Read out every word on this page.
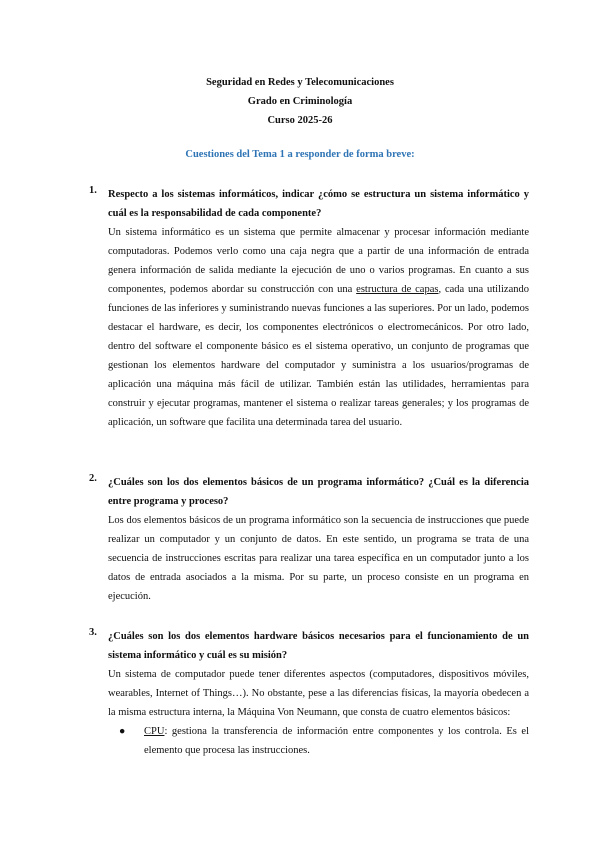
Seguridad en Redes y Telecomunicaciones
Grado en Criminología
Curso 2025-26
Cuestiones del Tema 1 a responder de forma breve:
1. Respecto a los sistemas informáticos, indicar ¿cómo se estructura un sistema informático y cuál es la responsabilidad de cada componente?
Un sistema informático es un sistema que permite almacenar y procesar información mediante computadoras. Podemos verlo como una caja negra que a partir de una información de entrada genera información de salida mediante la ejecución de uno o varios programas. En cuanto a sus componentes, podemos abordar su construcción con una estructura de capas, cada una utilizando funciones de las inferiores y suministrando nuevas funciones a las superiores. Por un lado, podemos destacar el hardware, es decir, los componentes electrónicos o electromecánicos. Por otro lado, dentro del software el componente básico es el sistema operativo, un conjunto de programas que gestionan los elementos hardware del computador y suministra a los usuarios/programas de aplicación una máquina más fácil de utilizar. También están las utilidades, herramientas para construir y ejecutar programas, mantener el sistema o realizar tareas generales; y los programas de aplicación, un software que facilita una determinada tarea del usuario.
2. ¿Cuáles son los dos elementos básicos de un programa informático? ¿Cuál es la diferencia entre programa y proceso?
Los dos elementos básicos de un programa informático son la secuencia de instrucciones que puede realizar un computador y un conjunto de datos. En este sentido, un programa se trata de una secuencia de instrucciones escritas para realizar una tarea específica en un computador junto a los datos de entrada asociados a la misma. Por su parte, un proceso consiste en un programa en ejecución.
3. ¿Cuáles son los dos elementos hardware básicos necesarios para el funcionamiento de un sistema informático y cuál es su misión?
Un sistema de computador puede tener diferentes aspectos (computadores, dispositivos móviles, wearables, Internet of Things…). No obstante, pese a las diferencias físicas, la mayoría obedecen a la misma estructura interna, la Máquina Von Neumann, que consta de cuatro elementos básicos:
● CPU: gestiona la transferencia de información entre componentes y los controla. Es el elemento que procesa las instrucciones.
